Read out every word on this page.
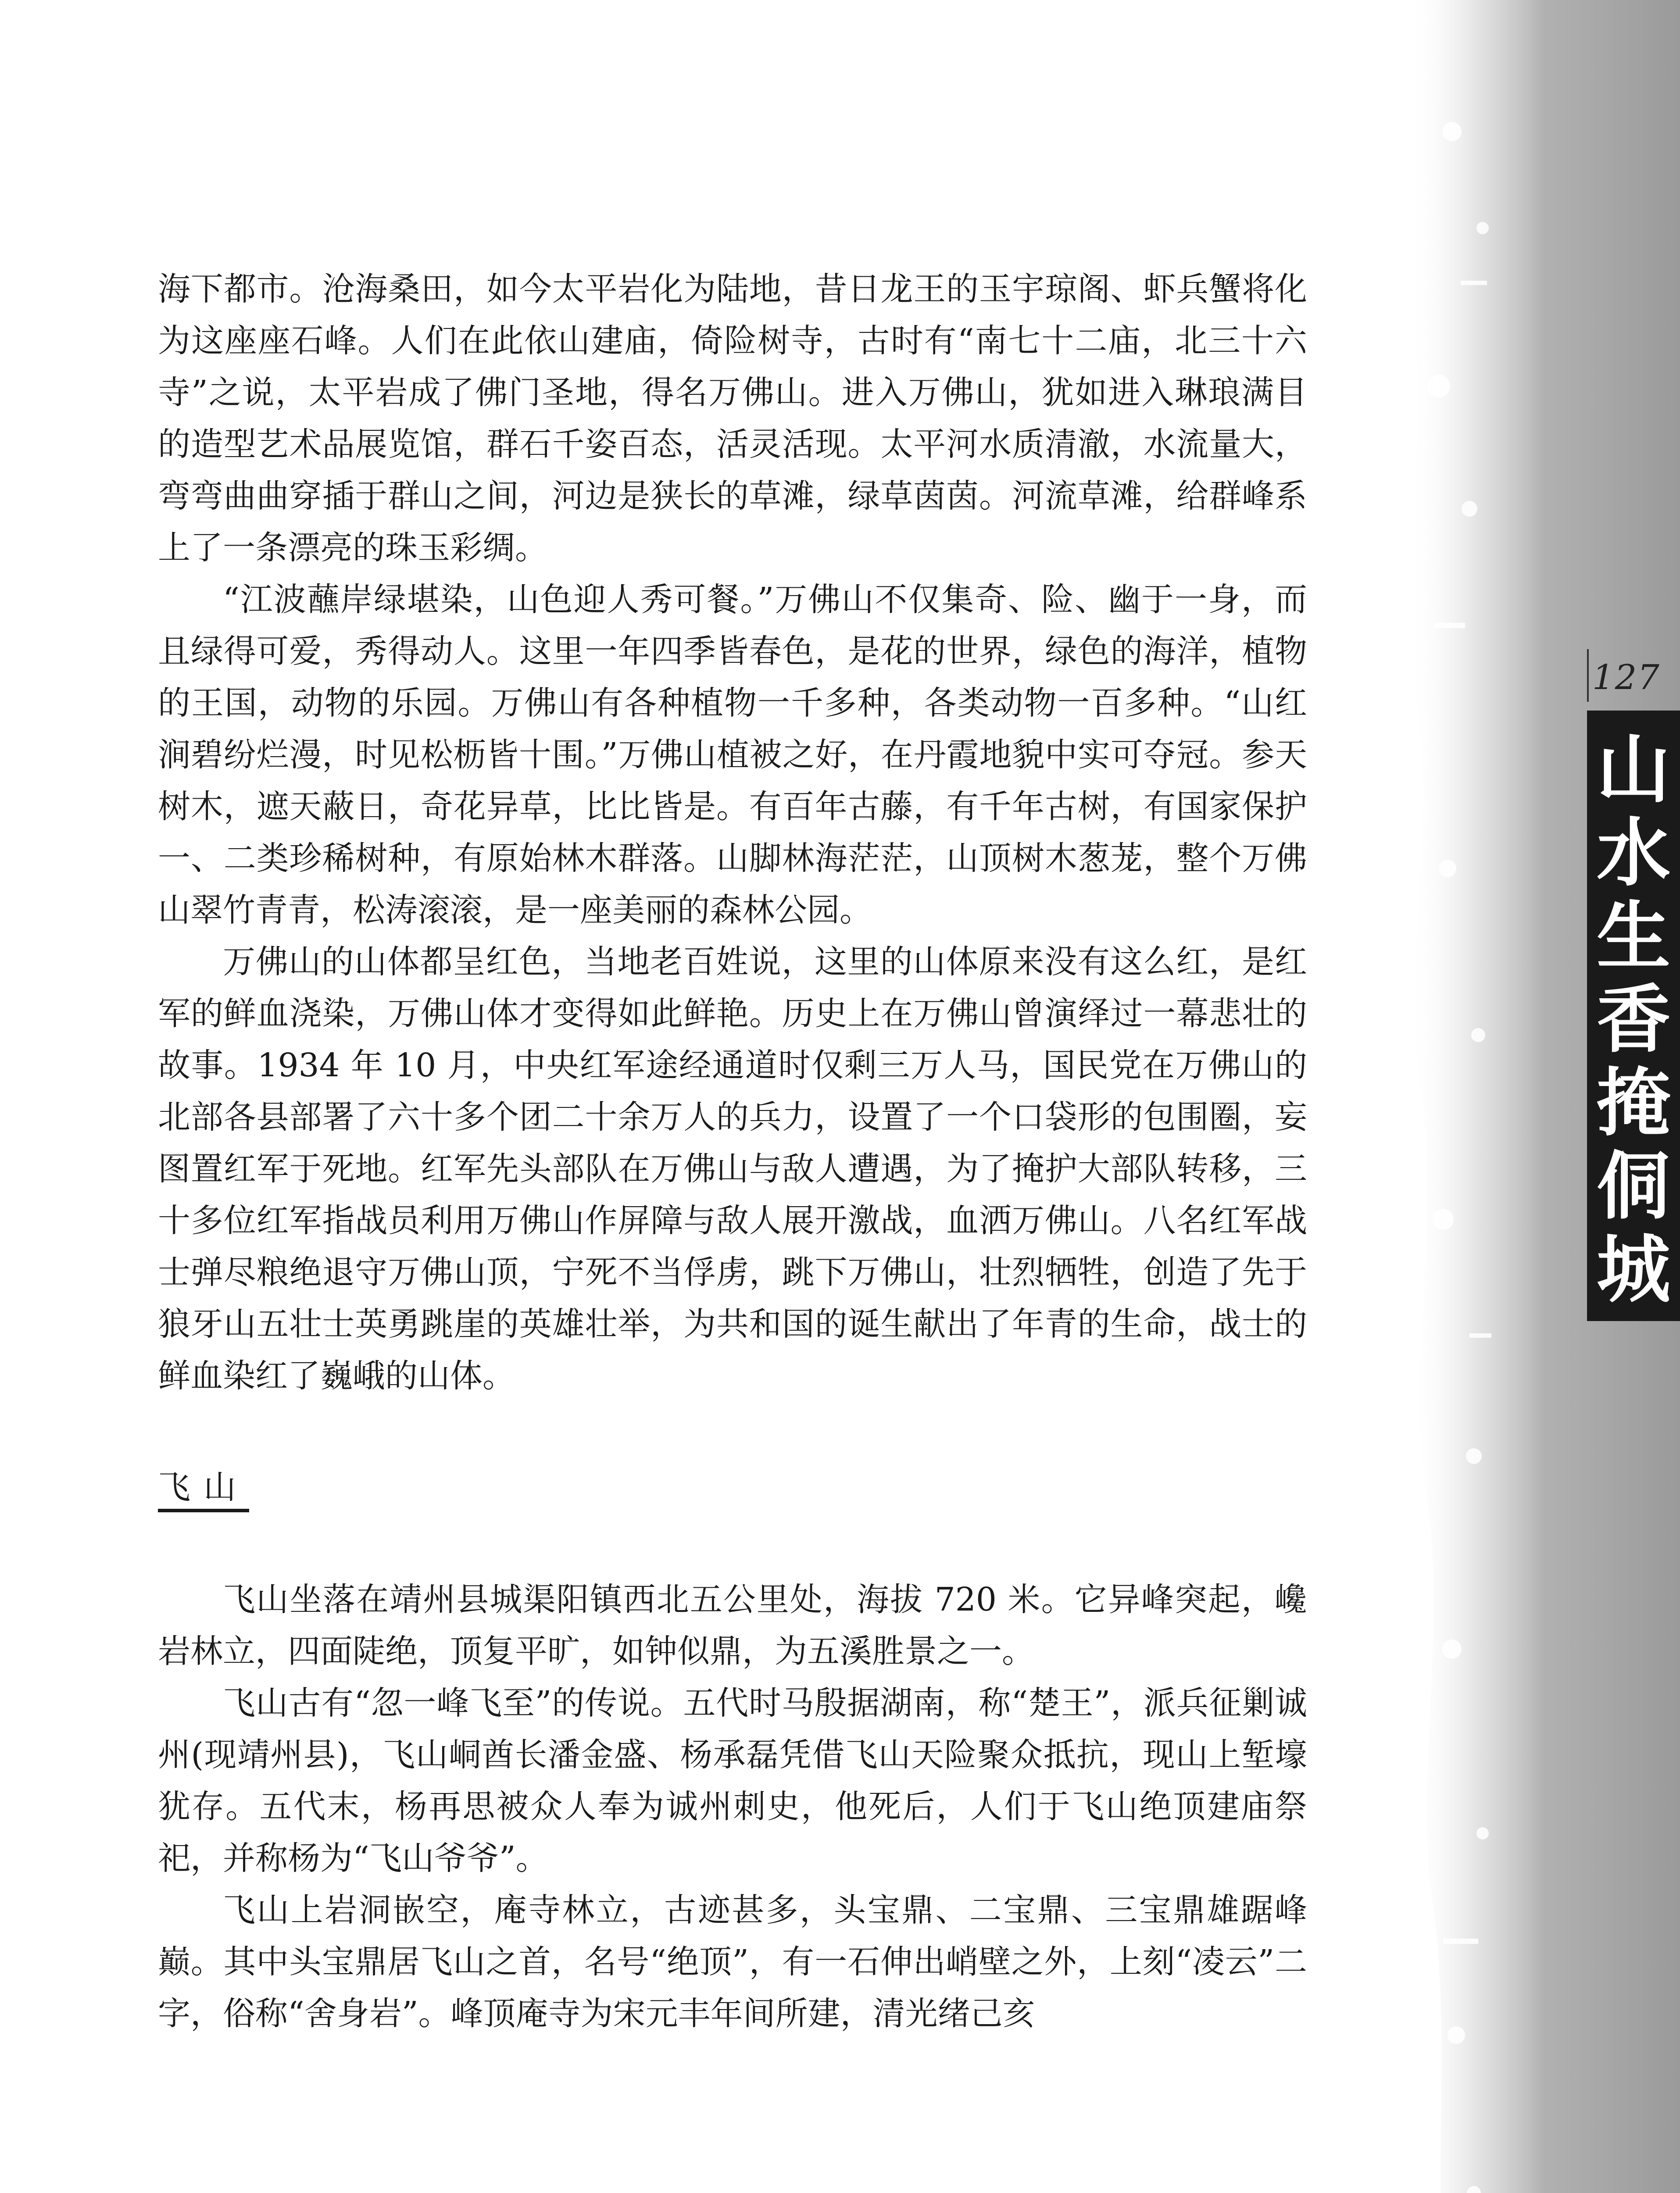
127
山
水
生
香
掩
侗
城

海下都市。沧海桑田，如今太平岩化为陆地，昔日龙王的玉宇琼阁、虾兵蟹将化为这座座石峰。人们在此依山建庙，倚险树寺，古时有“南七十二庙，北三十六寺”之说，太平岩成了佛门圣地，得名万佛山。进入万佛山，犹如进入琳琅满目的造型艺术品展览馆，群石千姿百态，活灵活现。太平河水质清澈，水流量大，弯弯曲曲穿插于群山之间，河边是狭长的草滩，绿草茵茵。河流草滩，给群峰系上了一条漂亮的珠玉彩绸。

“江波蘸岸绿堪染，山色迎人秀可餐。”万佛山不仅集奇、险、幽于一身，而且绿得可爱，秀得动人。这里一年四季皆春色，是花的世界，绿色的海洋，植物的王国，动物的乐园。万佛山有各种植物一千多种，各类动物一百多种。“山红涧碧纷烂漫，时见松枥皆十围。”万佛山植被之好，在丹霞地貌中实可夺冠。参天树木，遮天蔽日，奇花异草，比比皆是。有百年古藤，有千年古树，有国家保护一、二类珍稀树种，有原始林木群落。山脚林海茫茫，山顶树木葱茏，整个万佛山翠竹青青，松涛滚滚，是一座美丽的森林公园。

万佛山的山体都呈红色，当地老百姓说，这里的山体原来没有这么红，是红军的鲜血浇染，万佛山体才变得如此鲜艳。历史上在万佛山曾演绎过一幕悲壮的故事。1934 年 10 月，中央红军途经通道时仅剩三万人马，国民党在万佛山的北部各县部署了六十多个团二十余万人的兵力，设置了一个口袋形的包围圈，妄图置红军于死地。红军先头部队在万佛山与敌人遭遇，为了掩护大部队转移，三十多位红军指战员利用万佛山作屏障与敌人展开激战，血洒万佛山。八名红军战士弹尽粮绝退守万佛山顶，宁死不当俘虏，跳下万佛山，壮烈牺牲，创造了先于狼牙山五壮士英勇跳崖的英雄壮举，为共和国的诞生献出了年青的生命，战士的鲜血染红了巍峨的山体。

飞山

飞山坐落在靖州县城渠阳镇西北五公里处，海拔 720 米。它异峰突起，巉岩林立，四面陡绝，顶复平旷，如钟似鼎，为五溪胜景之一。

飞山古有“忽一峰飞至”的传说。五代时马殷据湖南，称“楚王”，派兵征剿诚州(现靖州县)，飞山峒酋长潘金盛、杨承磊凭借飞山天险聚众抵抗，现山上堑壕犹存。五代末，杨再思被众人奉为诚州刺史，他死后，人们于飞山绝顶建庙祭祀，并称杨为“飞山爷爷”。

飞山上岩洞嵌空，庵寺林立，古迹甚多，头宝鼎、二宝鼎、三宝鼎雄踞峰巅。其中头宝鼎居飞山之首，名号“绝顶”，有一石伸出峭壁之外，上刻“凌云”二字，俗称“舍身岩”。峰顶庵寺为宋元丰年间所建，清光绪己亥
